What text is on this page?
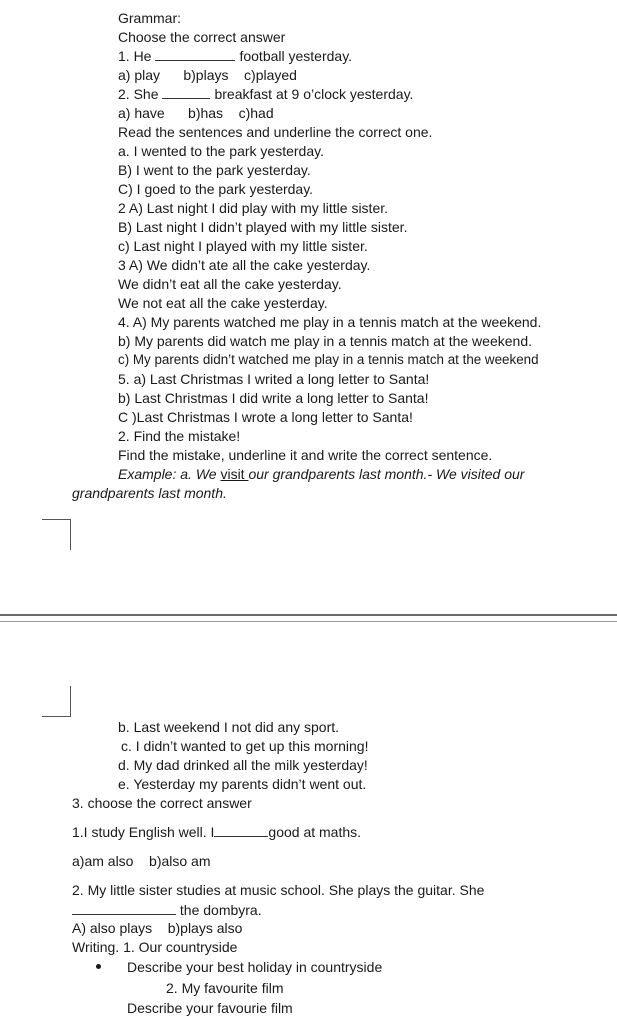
Grammar:
Choose the correct answer
1. He	football yesterday.
a) play      b)plays    c)played
2. She	breakfast at 9 o’clock yesterday.
a) have      b)has    c)had
Read the sentences and underline the correct one.
a. I wented to the park yesterday.
B) I went to the park yesterday.
C) I goed to the park yesterday.
2 A) Last night I did play with my little sister.
B) Last night I didn’t played with my little sister.
c) Last night I played with my little sister.
3 A) We didn’t ate all the cake yesterday.
We didn’t eat all the cake yesterday.
We not eat all the cake yesterday.
4. A) My parents watched me play in a tennis match at the weekend.
b) My parents did watch me play in a tennis match at the weekend.
c) My parents didn’t watched me play in a tennis match at the weekend
5. a) Last Christmas I writed a long letter to Santa!
b) Last Christmas I did write a long letter to Santa!
C )Last Christmas I wrote a long letter to Santa!
2. Find the mistake!
Find the mistake, underline it and write the correct sentence.
Example: a. We visit our grandparents last month.- We visited our
grandparents last month.
b. Last weekend I not did any sport.
c. I didn’t wanted to get up this morning!
d. My dad drinked all the milk yesterday!
e. Yesterday my parents didn’t went out.
3. choose the correct answer
1.I study English well. I	good at maths.
a)am also    b)also am
2. My little sister studies at music school. She plays the guitar. She
the dombyra.
A) also plays    b)plays also
Writing. 1. Our countryside
Describe your best holiday in countryside
2. My favourite film
Describe your favourie film
